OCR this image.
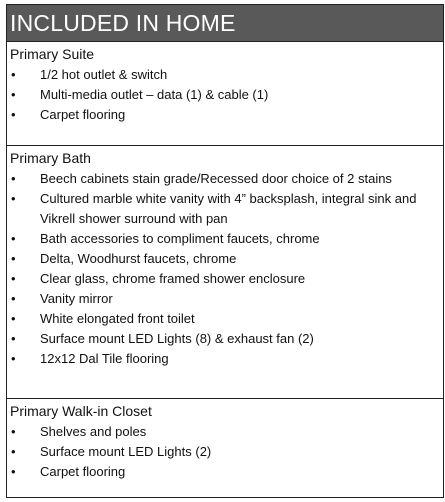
INCLUDED IN HOME
Primary Suite
•	1/2 hot outlet & switch
•	Multi-media outlet – data (1) & cable (1)
•	Carpet flooring
Primary Bath
•	Beech cabinets stain grade/Recessed door choice of 2 stains
•	Cultured marble white vanity with 4” backsplash, integral sink and Vikrell shower surround with pan
•	Bath accessories to compliment faucets, chrome
•	Delta, Woodhurst faucets, chrome
•	Clear glass, chrome framed shower enclosure
•	Vanity mirror
•	White elongated front toilet
•	Surface mount LED Lights (8) & exhaust fan (2)
•	12x12 Dal Tile flooring
Primary Walk-in Closet
•	Shelves and poles
•	Surface mount LED Lights (2)
•	Carpet flooring
